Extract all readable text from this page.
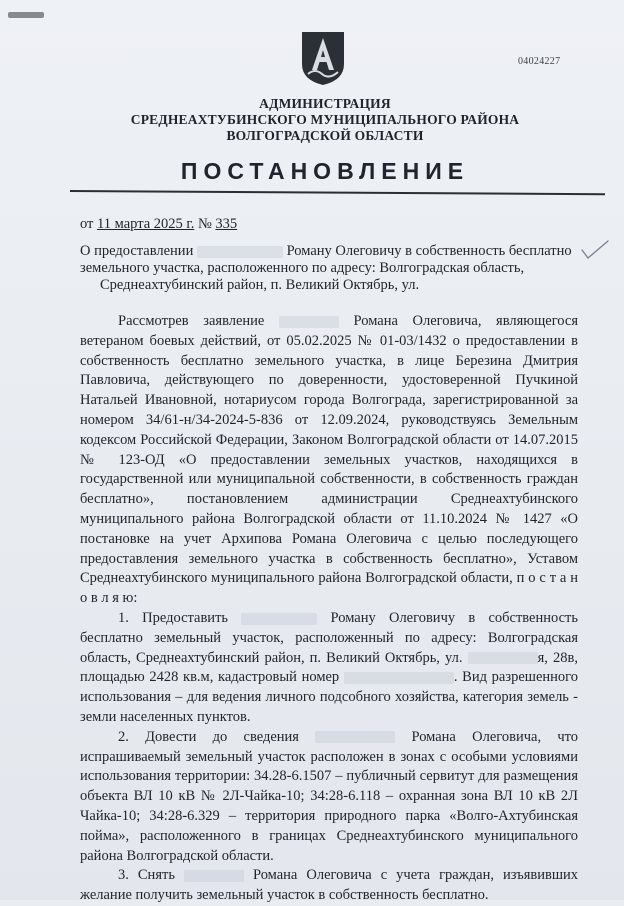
04024227
АДМИНИСТРАЦИЯ
СРЕДНЕАХТУБИНСКОГО МУНИЦИПАЛЬНОГО РАЙОНА
ВОЛГОГРАДСКОЙ ОБЛАСТИ
ПОСТАНОВЛЕНИЕ
от 11 марта 2025 г. № 335
О предоставлении	Роману Олеговичу в собственность бесплатно
земельного участка, расположенного по адресу: Волгоградская область,
Среднеахтубинский район, п. Великий Октябрь, ул.

Рассмотрев заявление	Романа Олеговича, являющегося ветераном боевых действий, от 05.02.2025 № 01-03/1432 о предоставлении в собственность бесплатно земельного участка, в лице Березина Дмитрия Павловича, действующего по доверенности, удостоверенной Пучкиной Натальей Ивановной, нотариусом города Волгограда, зарегистрированной за номером 34/61-н/34-2024-5-836 от 12.09.2024, руководствуясь Земельным кодексом Российской Федерации, Законом Волгоградской области от 14.07.2015 № 123-ОД «О предоставлении земельных участков, находящихся в государственной или муниципальной собственности, в собственность граждан бесплатно», постановлением администрации Среднеахтубинского муниципального района Волгоградской области от 11.10.2024 № 1427 «О постановке на учет Архипова Романа Олеговича с целью последующего предоставления земельного участка в собственность бесплатно», Уставом Среднеахтубинского муниципального района Волгоградской области, п о с т а н о в л я ю:

1. Предоставить	Роману Олеговичу в собственность бесплатно земельный участок, расположенный по адресу: Волгоградская область, Среднеахтубинский район, п. Великий Октябрь, ул.	я, 28в, площадью 2428 кв.м, кадастровый номер	. Вид разрешенного использования – для ведения личного подсобного хозяйства, категория земель - земли населенных пунктов.

2. Довести до сведения	Романа Олеговича, что испрашиваемый земельный участок расположен в зонах с особыми условиями использования территории: 34.28-6.1507 – публичный сервитут для размещения объекта ВЛ 10 кВ № 2Л-Чайка-10; 34:28-6.118 – охранная зона ВЛ 10 кВ 2Л Чайка-10; 34:28-6.329 – территория природного парка «Волго-Ахтубинская пойма», расположенного в границах Среднеахтубинского муниципального района Волгоградской области.

3. Снять	Романа Олеговича с учета граждан, изъявивших желание получить земельный участок в собственность бесплатно.
